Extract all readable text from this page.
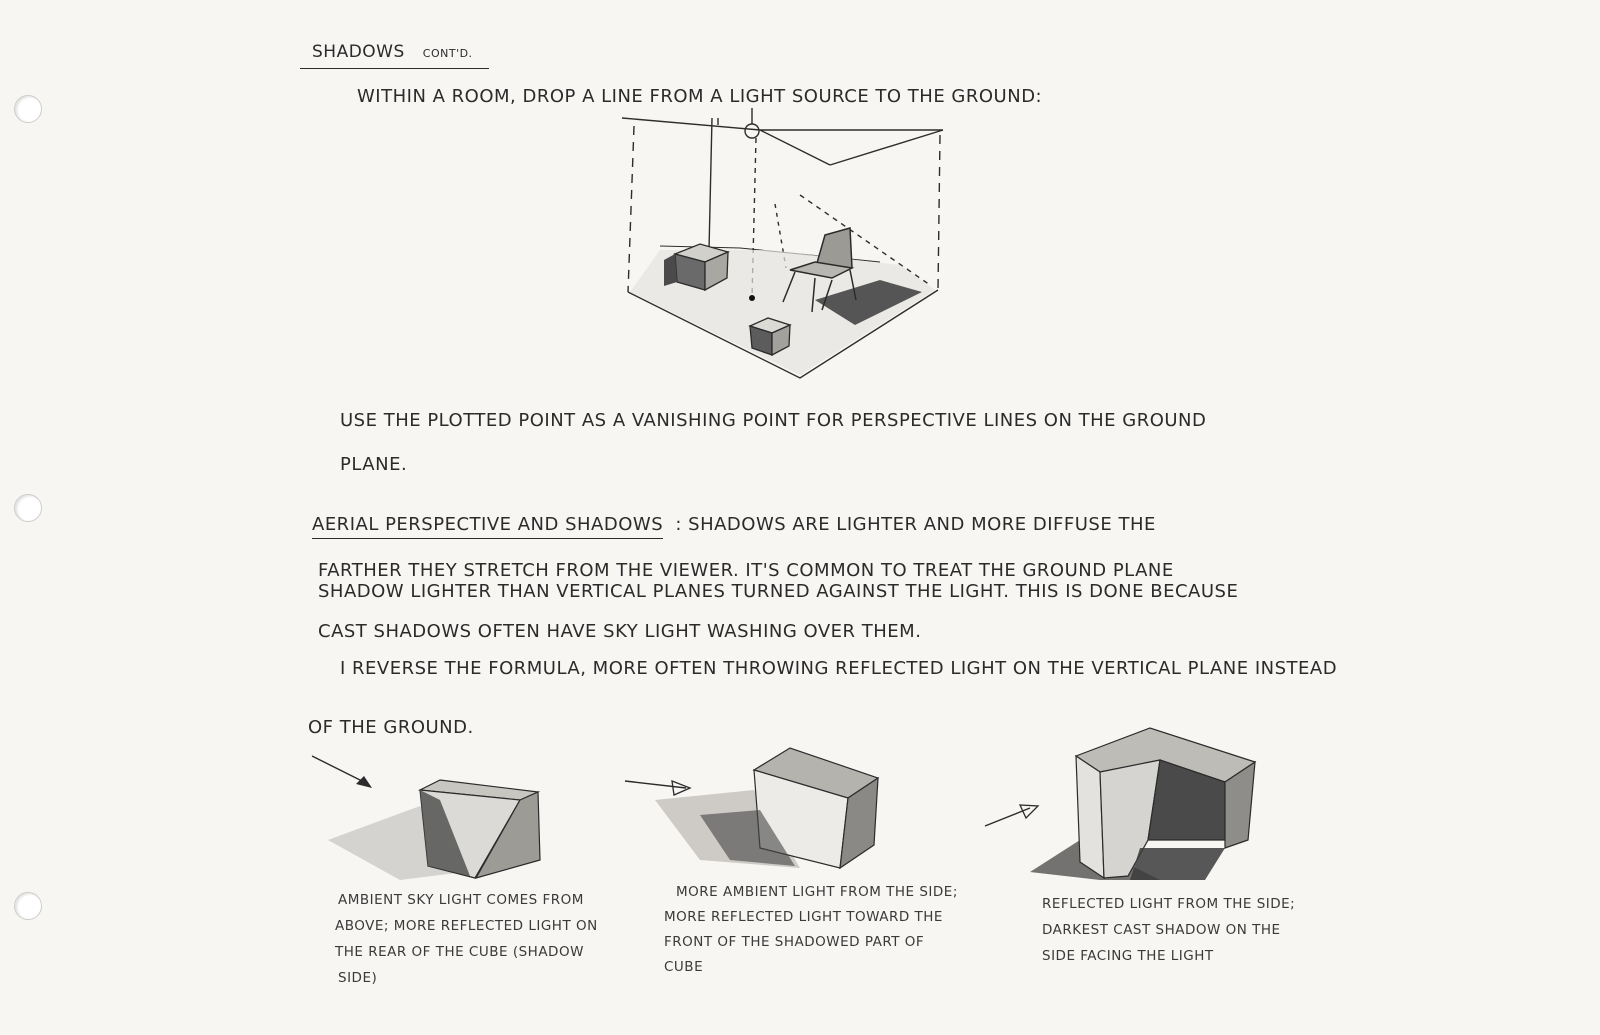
SHADOWS CONT'D.
WITHIN A ROOM, DROP A LINE FROM A LIGHT SOURCE TO THE GROUND:
USE THE PLOTTED POINT AS A VANISHING POINT FOR PERSPECTIVE LINES ON THE GROUND
PLANE.
AERIAL PERSPECTIVE AND SHADOWS : SHADOWS ARE LIGHTER AND MORE DIFFUSE THE
FARTHER THEY STRETCH FROM THE VIEWER. IT'S COMMON TO TREAT THE GROUND PLANE
SHADOW LIGHTER THAN VERTICAL PLANES TURNED AGAINST THE LIGHT. THIS IS DONE BECAUSE
CAST SHADOWS OFTEN HAVE SKY LIGHT WASHING OVER THEM.
I REVERSE THE FORMULA, MORE OFTEN THROWING REFLECTED LIGHT ON THE VERTICAL PLANE INSTEAD
OF THE GROUND.
AMBIENT SKY LIGHT COMES FROM
ABOVE; MORE REFLECTED LIGHT ON
THE REAR OF THE CUBE (SHADOW
SIDE)
MORE AMBIENT LIGHT FROM THE SIDE;
MORE REFLECTED LIGHT TOWARD THE
FRONT OF THE SHADOWED PART OF
CUBE
REFLECTED LIGHT FROM THE SIDE;
DARKEST CAST SHADOW ON THE
SIDE FACING THE LIGHT
